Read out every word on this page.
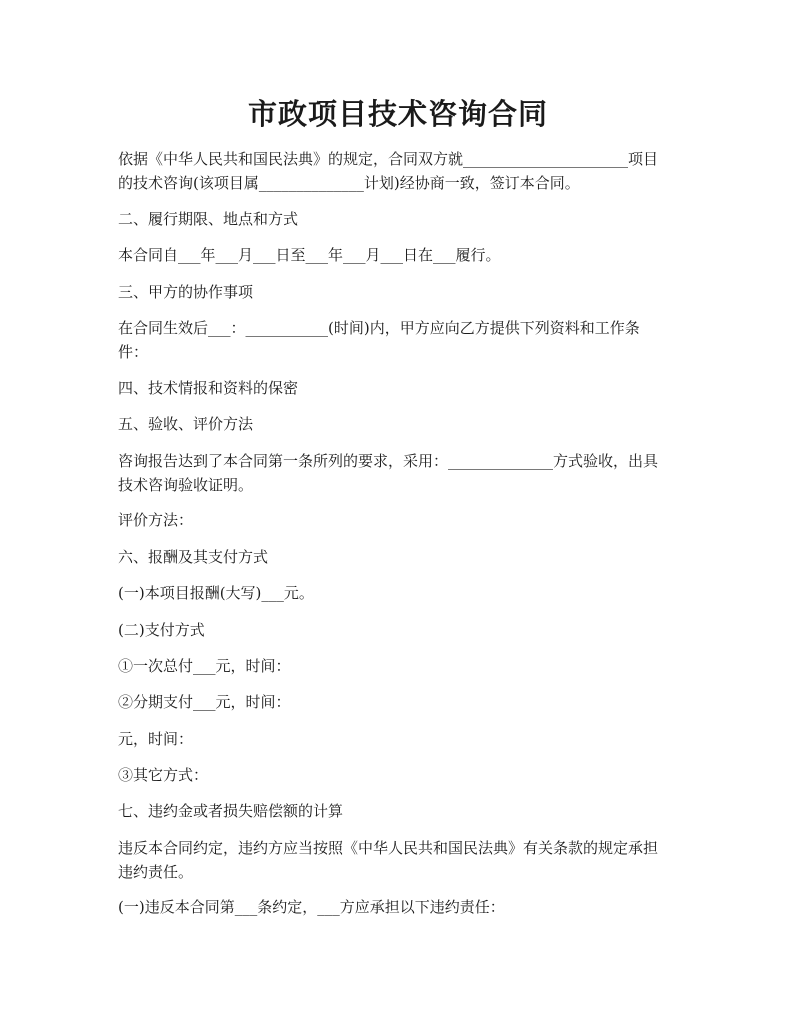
市政项目技术咨询合同
依据《中华人民共和国民法典》的规定，合同双方就______________________项目
的技术咨询(该项目属______________计划)经协商一致，签订本合同。
二、履行期限、地点和方式
本合同自___年___月___日至___年___月___日在___履行。
三、甲方的协作事项
在合同生效后___：___________(时间)内，甲方应向乙方提供下列资料和工作条
件：
四、技术情报和资料的保密
五、验收、评价方法
咨询报告达到了本合同第一条所列的要求，采用：______________方式验收，出具
技术咨询验收证明。
评价方法：
六、报酬及其支付方式
(一)本项目报酬(大写)___元。
(二)支付方式
①一次总付___元，时间：
②分期支付___元，时间：
元，时间：
③其它方式：
七、违约金或者损失赔偿额的计算
违反本合同约定，违约方应当按照《中华人民共和国民法典》有关条款的规定承担
违约责任。
(一)违反本合同第___条约定，___方应承担以下违约责任：
